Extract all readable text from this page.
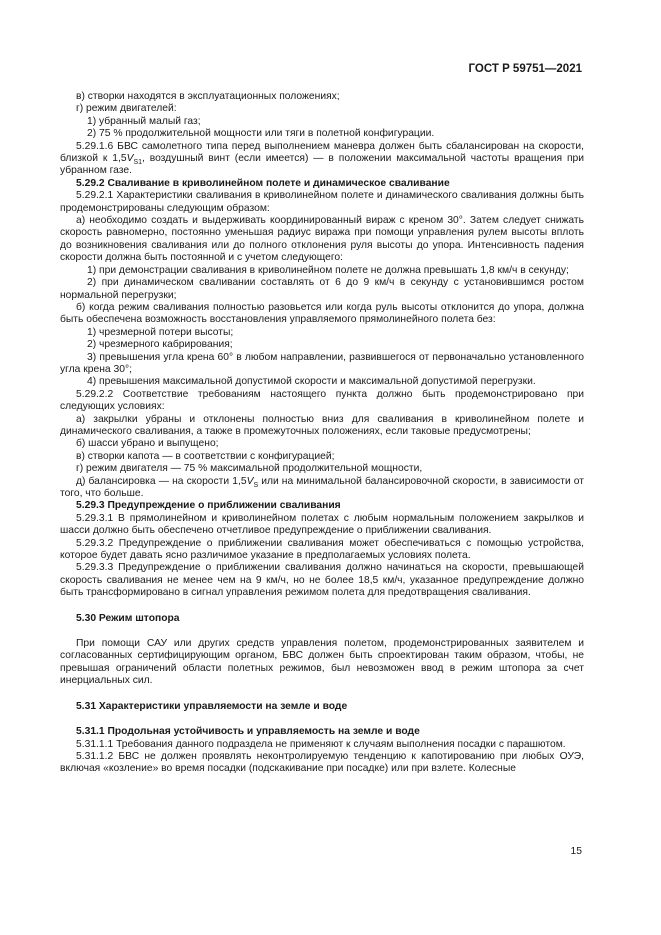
ГОСТ Р 59751—2021

в) створки находятся в эксплуатационных положениях;

г) режим двигателей:

1) убранный малый газ;

2) 75 % продолжительной мощности или тяги в полетной конфигурации.

5.29.1.6 БВС самолетного типа перед выполнением маневра должен быть сбалансирован на скорости, близкой к $1,5V_{S1}$, воздушный винт (если имеется) — в положении максимальной частоты вращения при убранном газе.

5.29.2 Сваливание в криволинейном полете и динамическое сваливание

5.29.2.1 Характеристики сваливания в криволинейном полете и динамического сваливания должны быть продемонстрированы следующим образом:

а) необходимо создать и выдерживать координированный вираж с креном 30°. Затем следует снижать скорость равномерно, постоянно уменьшая радиус виража при помощи управления рулем высоты вплоть до возникновения сваливания или до полного отклонения руля высоты до упора. Интенсивность падения скорости должна быть постоянной и с учетом следующего:

1) при демонстрации сваливания в криволинейном полете не должна превышать 1,8 км/ч в секунду;

2) при динамическом сваливании составлять от 6 до 9 км/ч в секунду с установившимся ростом нормальной перегрузки;

б) когда режим сваливания полностью разовьется или когда руль высоты отклонится до упора, должна быть обеспечена возможность восстановления управляемого прямолинейного полета без:

1) чрезмерной потери высоты;

2) чрезмерного кабрирования;

3) превышения угла крена 60° в любом направлении, развившегося от первоначально установленного угла крена 30°;

4) превышения максимальной допустимой скорости и максимальной допустимой перегрузки.

5.29.2.2 Соответствие требованиям настоящего пункта должно быть продемонстрировано при следующих условиях:

а) закрылки убраны и отклонены полностью вниз для сваливания в криволинейном полете и динамического сваливания, а также в промежуточных положениях, если таковые предусмотрены;

б) шасси убрано и выпущено;

в) створки капота — в соответствии с конфигурацией;

г) режим двигателя — 75 % максимальной продолжительной мощности,

д) балансировка — на скорости $1,5V_S$ или на минимальной балансировочной скорости, в зависимости от того, что больше.

5.29.3 Предупреждение о приближении сваливания

5.29.3.1 В прямолинейном и криволинейном полетах с любым нормальным положением закрылков и шасси должно быть обеспечено отчетливое предупреждение о приближении сваливания.

5.29.3.2 Предупреждение о приближении сваливания может обеспечиваться с помощью устройства, которое будет давать ясно различимое указание в предполагаемых условиях полета.

5.29.3.3 Предупреждение о приближении сваливания должно начинаться на скорости, превышающей скорость сваливания не менее чем на 9 км/ч, но не более 18,5 км/ч, указанное предупреждение должно быть трансформировано в сигнал управления режимом полета для предотвращения сваливания.

5.30 Режим штопора

При помощи САУ или других средств управления полетом, продемонстрированных заявителем и согласованных сертифицирующим органом, БВС должен быть спроектирован таким образом, чтобы, не превышая ограничений области полетных режимов, был невозможен ввод в режим штопора за счет инерциальных сил.

5.31 Характеристики управляемости на земле и воде

5.31.1 Продольная устойчивость и управляемость на земле и воде

5.31.1.1 Требования данного подраздела не применяют к случаям выполнения посадки с парашютом.

5.31.1.2 БВС не должен проявлять неконтролируемую тенденцию к капотированию при любых ОУЭ, включая «козление» во время посадки (подскакивание при посадке) или при взлете. Колесные

15
